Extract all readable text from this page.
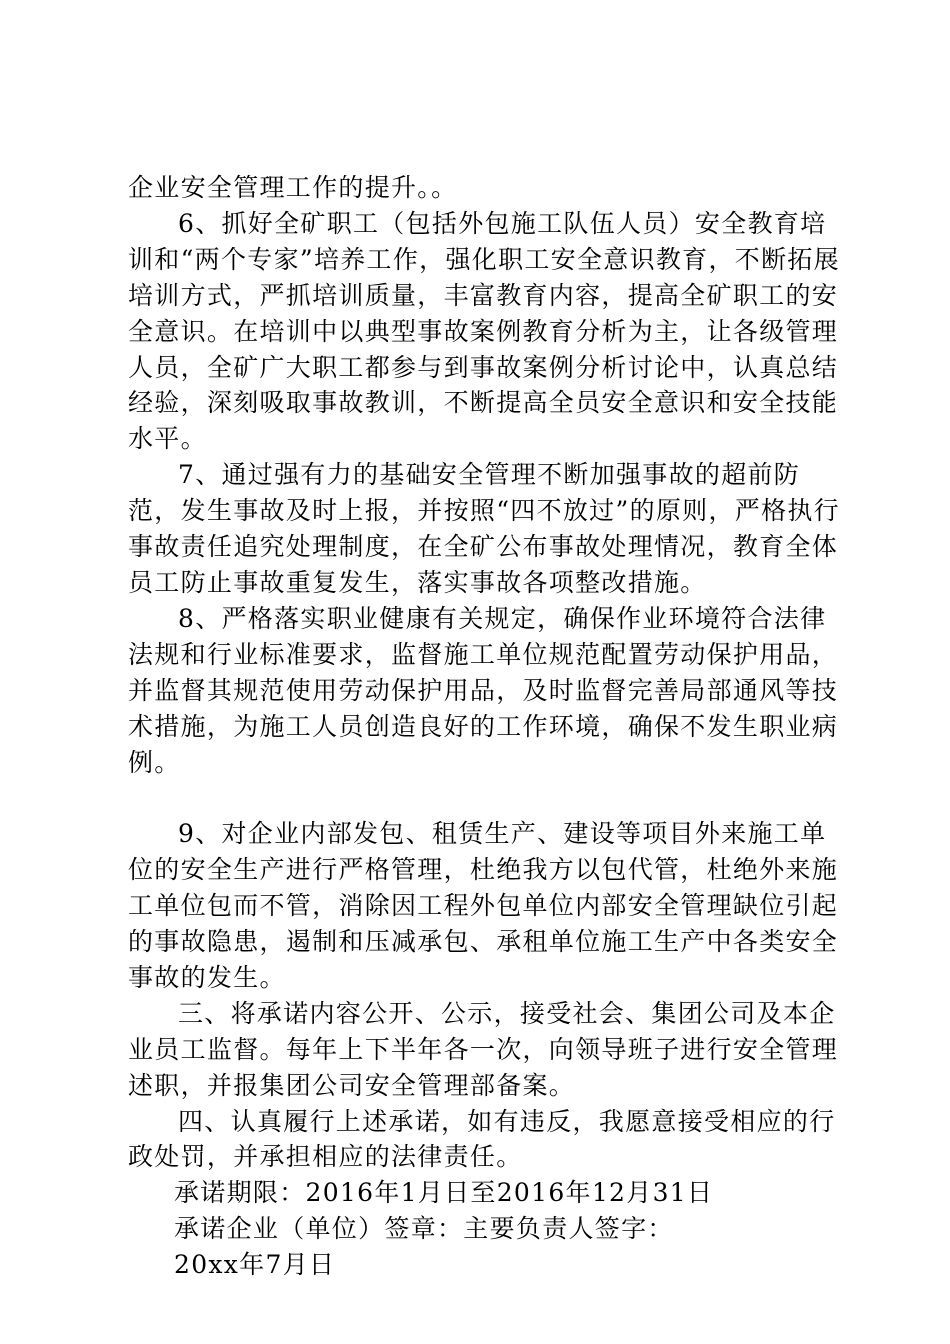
企业安全管理工作的提升。。

6、抓好全矿职工（包括外包施工队伍人员）安全教育培训和“两个专家”培养工作，强化职工安全意识教育，不断拓展培训方式，严抓培训质量，丰富教育内容，提高全矿职工的安全意识。在培训中以典型事故案例教育分析为主，让各级管理人员，全矿广大职工都参与到事故案例分析讨论中，认真总结经验，深刻吸取事故教训，不断提高全员安全意识和安全技能水平。

7、通过强有力的基础安全管理不断加强事故的超前防范，发生事故及时上报，并按照“四不放过”的原则，严格执行事故责任追究处理制度，在全矿公布事故处理情况，教育全体员工防止事故重复发生，落实事故各项整改措施。

8、严格落实职业健康有关规定，确保作业环境符合法律法规和行业标准要求，监督施工单位规范配置劳动保护用品，并监督其规范使用劳动保护用品，及时监督完善局部通风等技术措施，为施工人员创造良好的工作环境，确保不发生职业病例。

9、对企业内部发包、租赁生产、建设等项目外来施工单位的安全生产进行严格管理，杜绝我方以包代管，杜绝外来施工单位包而不管，消除因工程外包单位内部安全管理缺位引起的事故隐患，遏制和压减承包、承租单位施工生产中各类安全事故的发生。

三、将承诺内容公开、公示，接受社会、集团公司及本企业员工监督。每年上下半年各一次，向领导班子进行安全管理述职，并报集团公司安全管理部备案。

四、认真履行上述承诺，如有违反，我愿意接受相应的行政处罚，并承担相应的法律责任。

承诺期限：2016年1月日至2016年12月31日

承诺企业（单位）签章：主要负责人签字：

20xx年7月日
